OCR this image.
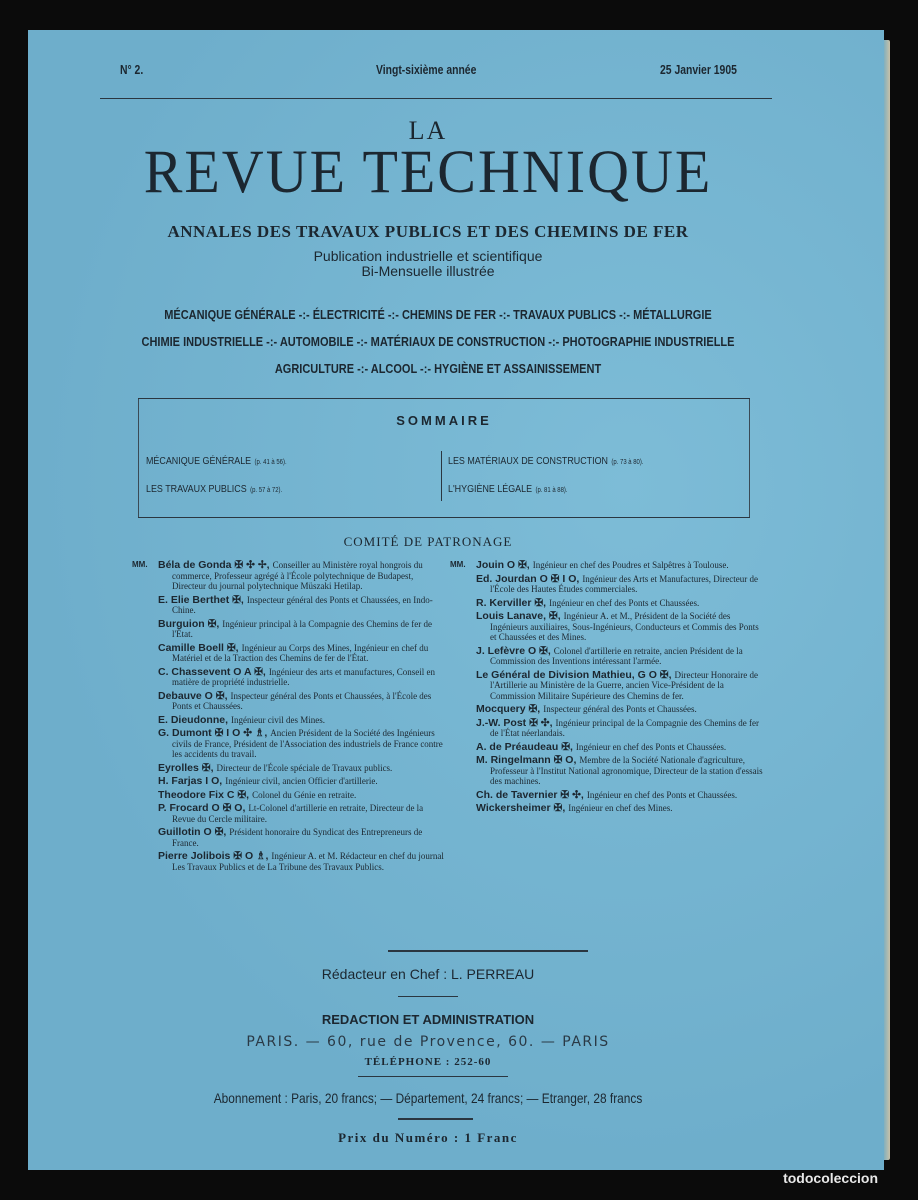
N° 2.	Vingt-sixième année	25 Janvier 1905
LA
REVUE TECHNIQUE
ANNALES DES TRAVAUX PUBLICS ET DES CHEMINS DE FER
Publication industrielle et scientifique
Bi-Mensuelle illustrée
MÉCANIQUE GÉNÉRALE -:- ÉLECTRICITÉ -:- CHEMINS DE FER -:- TRAVAUX PUBLICS -:- MÉTALLURGIE
CHIMIE INDUSTRIELLE -:- AUTOMOBILE -:- MATÉRIAUX DE CONSTRUCTION -:- PHOTOGRAPHIE INDUSTRIELLE
AGRICULTURE -:- ALCOOL -:- HYGIÈNE ET ASSAINISSEMENT
SOMMAIRE
MÉCANIQUE GÉNÉRALE (p. 41 à 56).
LES TRAVAUX PUBLICS (p. 57 à 72).
LES MATÉRIAUX DE CONSTRUCTION (p. 73 à 80).
L'HYGIÈNE LÉGALE (p. 81 à 88).
COMITÉ DE PATRONAGE
MM. Béla de Gonda ✠ ✣ ✢, Conseiller au Ministère royal hongrois du commerce, Professeur agrégé à l'École polytechnique de Budapest, Directeur du journal polytechnique Müszaki Hetilap.
E. Elie Berthet ✠, Inspecteur général des Ponts et Chaussées, en Indo-Chine.
Burguion ✠, Ingénieur principal à la Compagnie des Chemins de fer de l'État.
Camille Boell ✠, Ingénieur au Corps des Mines, Ingénieur en chef du Matériel et de la Traction des Chemins de fer de l'État.
C. Chassevent O A ✠, Ingénieur des arts et manufactures, Conseil en matière de propriété industrielle.
Debauve O ✠, Inspecteur général des Ponts et Chaussées, à l'École des Ponts et Chaussées.
E. Dieudonne, Ingénieur civil des Mines.
G. Dumont ✠ I O ✣ ♗, Ancien Président de la Société des Ingénieurs civils de France, Président de l'Association des industriels de France contre les accidents du travail.
Eyrolles ✠, Directeur de l'École spéciale de Travaux publics.
H. Farjas I O, Ingénieur civil, ancien Officier d'artillerie.
Theodore Fix C ✠, Colonel du Génie en retraite.
P. Frocard O ✠ O, Lt-Colonel d'artillerie en retraite, Directeur de la Revue du Cercle militaire.
Guillotin O ✠, Président honoraire du Syndicat des Entrepreneurs de France.
Pierre Jolibois ✠ O ♗, Ingénieur A. et M. Rédacteur en chef du journal Les Travaux Publics et de La Tribune des Travaux Publics.
MM. Jouin O ✠, Ingénieur en chef des Poudres et Salpêtres à Toulouse.
Ed. Jourdan O ✠ I O, Ingénieur des Arts et Manufactures, Directeur de l'École des Hautes Études commerciales.
R. Kerviller ✠, Ingénieur en chef des Ponts et Chaussées.
Louis Lanave, ✠, Ingénieur A. et M., Président de la Société des Ingénieurs auxiliaires, Sous-Ingénieurs, Conducteurs et Commis des Ponts et Chaussées et des Mines.
J. Lefèvre O ✠, Colonel d'artillerie en retraite, ancien Président de la Commission des Inventions intéressant l'armée.
Le Général de Division Mathieu, G O ✠, Directeur Honoraire de l'Artillerie au Ministère de la Guerre, ancien Vice-Président de la Commission Militaire Supérieure des Chemins de fer.
Mocquery ✠, Inspecteur général des Ponts et Chaussées.
J.-W. Post ✠ ✣, Ingénieur principal de la Compagnie des Chemins de fer de l'État néerlandais.
A. de Préaudeau ✠, Ingénieur en chef des Ponts et Chaussées.
M. Ringelmann ✠ O, Membre de la Société Nationale d'agriculture, Professeur à l'Institut National agronomique, Directeur de la station d'essais des machines.
Ch. de Tavernier ✠ ✣, Ingénieur en chef des Ponts et Chaussées.
Wickersheimer ✠, Ingénieur en chef des Mines.
Rédacteur en Chef : L. PERREAU
REDACTION ET ADMINISTRATION
PARIS. — 60, rue de Provence, 60. — PARIS
TÉLÉPHONE : 252-60
Abonnement : Paris, 20 francs; — Département, 24 francs; — Etranger, 28 francs
Prix du Numéro : 1 Franc
todocoleccion
